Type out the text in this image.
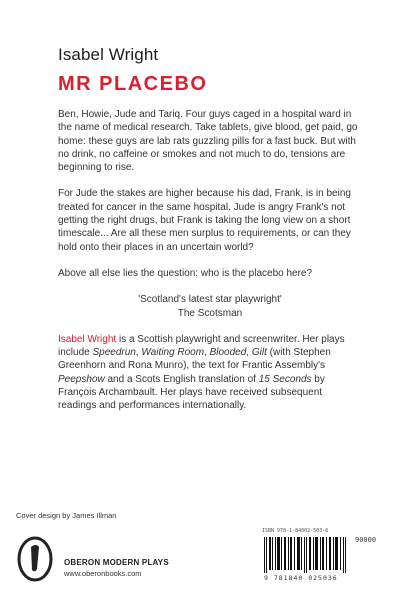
Isabel Wright
MR PLACEBO

Ben, Howie, Jude and Tariq. Four guys caged in a hospital ward in the name of medical research. Take tablets, give blood, get paid, go home: these guys are lab rats guzzling pills for a fast buck. But with no drink, no caffeine or smokes and not much to do, tensions are beginning to rise.

For Jude the stakes are higher because his dad, Frank, is in being treated for cancer in the same hospital. Jude is angry Frank's not getting the right drugs, but Frank is taking the long view on a short timescale... Are all these men surplus to requirements, or can they hold onto their places in an uncertain world?

Above all else lies the question: who is the placebo here?

'Scotland's latest star playwright'
The Scotsman

Isabel Wright is a Scottish playwright and screenwriter. Her plays include Speedrun, Waiting Room, Blooded, Gilt (with Stephen Greenhorn and Rona Munro), the text for Frantic Assembly's Peepshow and a Scots English translation of 15 Seconds by François Archambault. Her plays have received subsequent readings and performances internationally.

Cover design by James Illman
OBERON MODERN PLAYS
www.oberonbooks.com
ISBN 978-1-84002-503-6
90000
9 781840 025036
